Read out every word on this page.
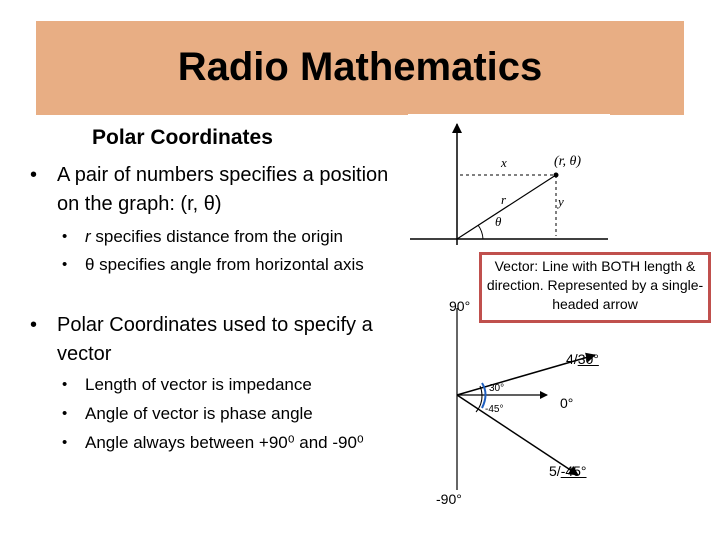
Radio Mathematics
Polar Coordinates
• A pair of numbers specifies a position
on the graph: (r, θ)
• r specifies distance from the origin
• θ specifies angle from horizontal axis
• Polar Coordinates used to specify a
vector
• Length of vector is impedance
• Angle of vector is phase angle
• Angle always between +90⁰ and -90⁰
x	(r, θ)
r	y
θ
Vector: Line with BOTH length & direction. Represented by a single-headed arrow
90°
-90°
0°
30°
-45°
4/30°
5/-45°
